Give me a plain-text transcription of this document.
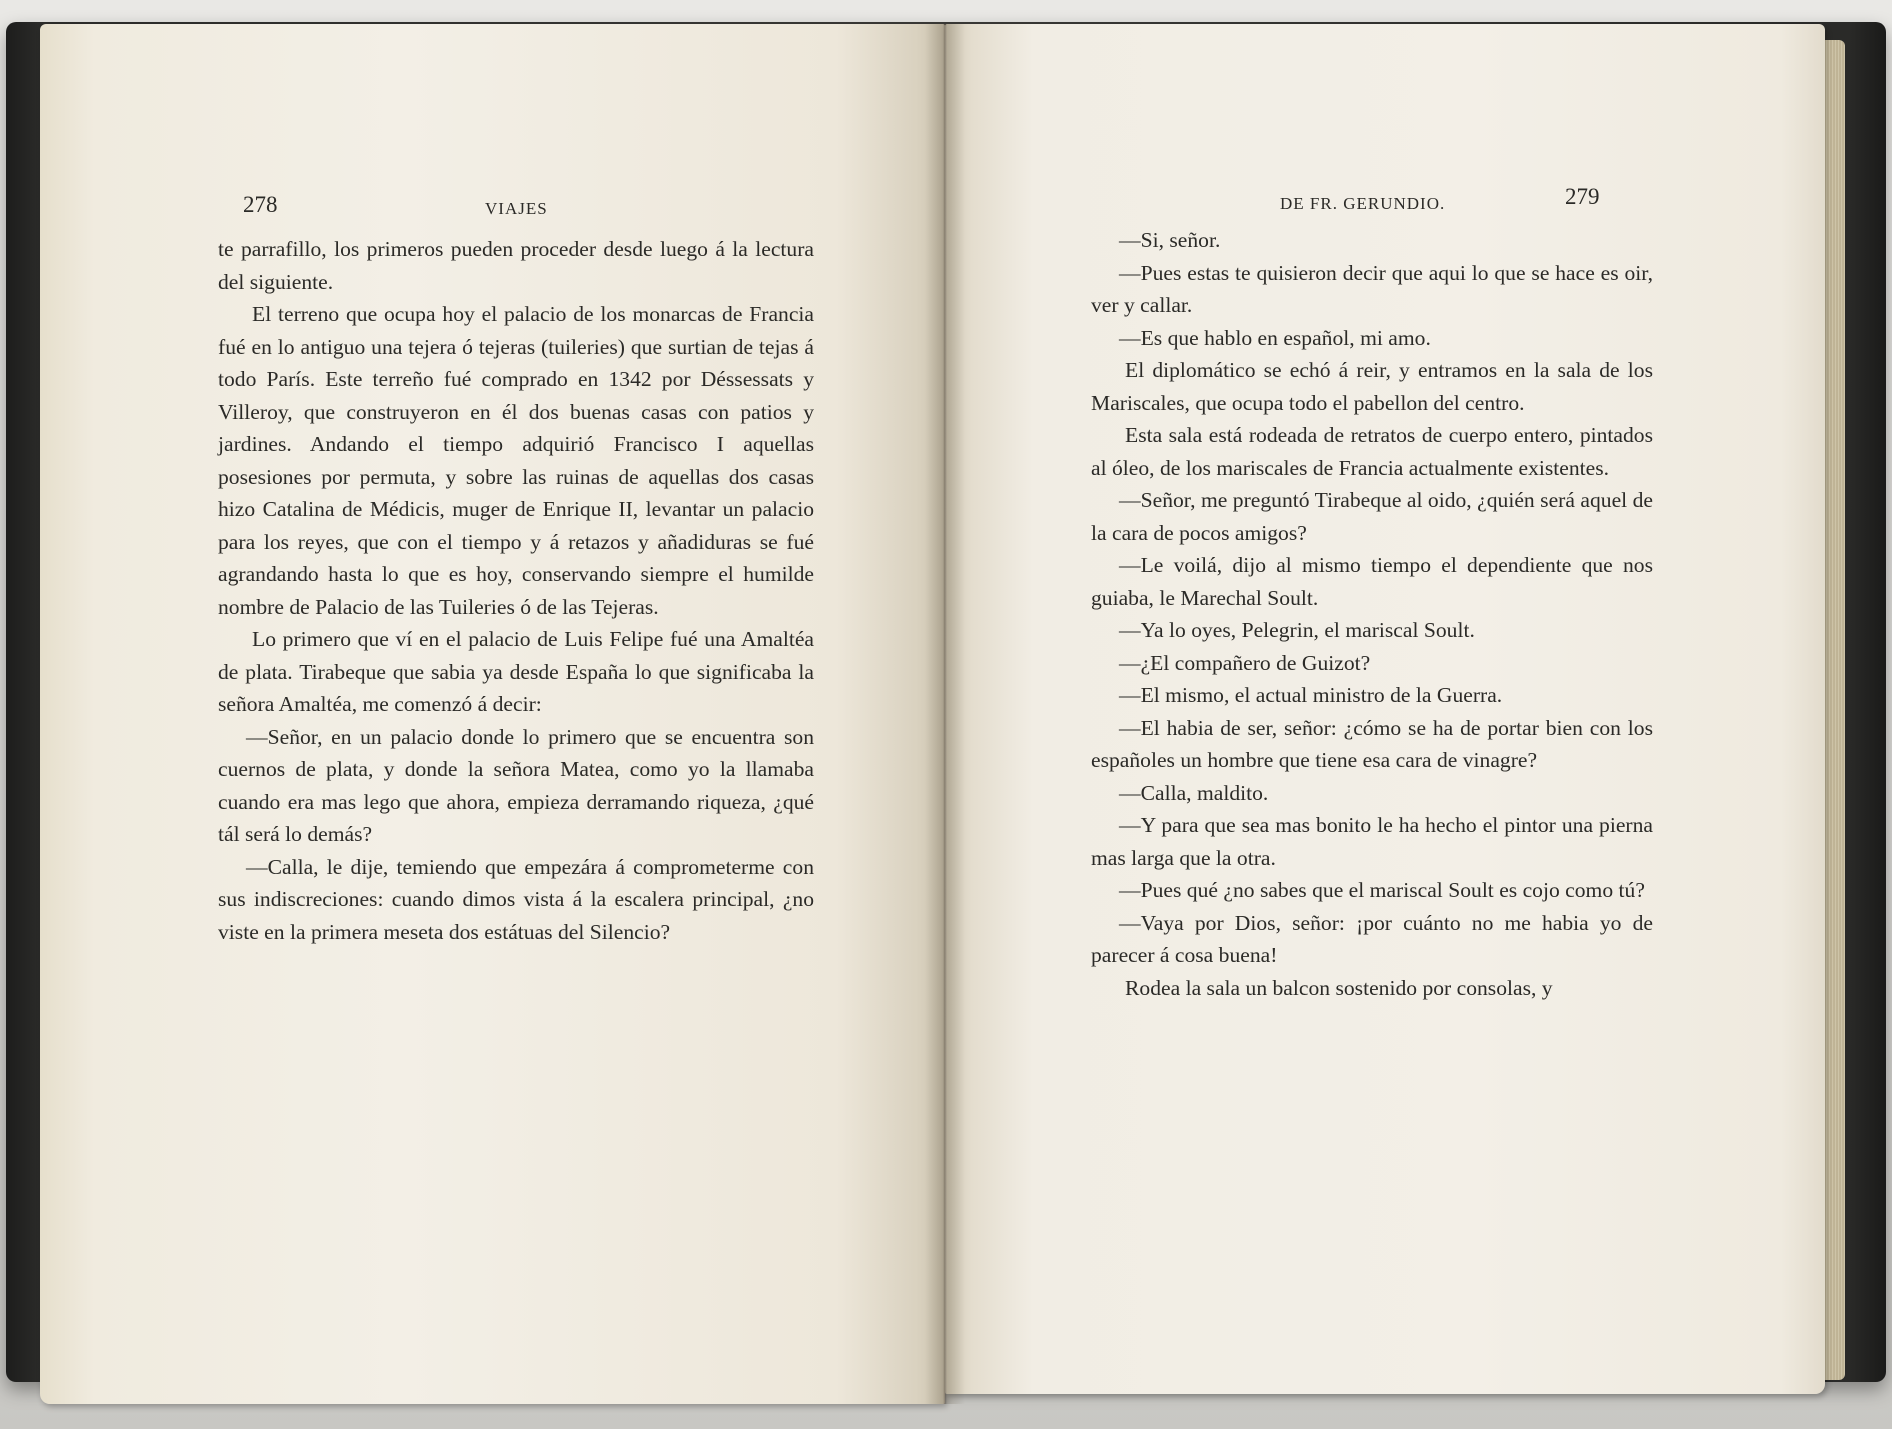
278	VIAJES

te parrafillo, los primeros pueden proceder desde luego á la lectura del siguiente.

El terreno que ocupa hoy el palacio de los monarcas de Francia fué en lo antiguo una tejera ó tejeras (tuileries) que surtian de tejas á todo París. Este terreño fué comprado en 1342 por Déssessats y Villeroy, que construyeron en él dos buenas casas con patios y jardines. Andando el tiempo adquirió Francisco I aquellas posesiones por permuta, y sobre las ruinas de aquellas dos casas hizo Catalina de Médicis, muger de Enrique II, levantar un palacio para los reyes, que con el tiempo y á retazos y añadiduras se fué agrandando hasta lo que es hoy, conservando siempre el humilde nombre de Palacio de las Tuileries ó de las Tejeras.

Lo primero que ví en el palacio de Luis Felipe fué una Amaltéa de plata. Tirabeque que sabia ya desde España lo que significaba la señora Amaltéa, me comenzó á decir:

—Señor, en un palacio donde lo primero que se encuentra son cuernos de plata, y donde la señora Matea, como yo la llamaba cuando era mas lego que ahora, empieza derramando riqueza, ¿qué tál será lo demás?

—Calla, le dije, temiendo que empezára á comprometerme con sus indiscreciones: cuando dimos vista á la escalera principal, ¿no viste en la primera meseta dos estátuas del Silencio?

DE FR. GERUNDIO.	279

—Si, señor.

—Pues estas te quisieron decir que aqui lo que se hace es oir, ver y callar.

—Es que hablo en español, mi amo.

El diplomático se echó á reir, y entramos en la sala de los Mariscales, que ocupa todo el pabellon del centro.

Esta sala está rodeada de retratos de cuerpo entero, pintados al óleo, de los mariscales de Francia actualmente existentes.

—Señor, me preguntó Tirabeque al oido, ¿quién será aquel de la cara de pocos amigos?

—Le voilá, dijo al mismo tiempo el dependiente que nos guiaba, le Marechal Soult.

—Ya lo oyes, Pelegrin, el mariscal Soult.

—¿El compañero de Guizot?

—El mismo, el actual ministro de la Guerra.

—El habia de ser, señor: ¿cómo se ha de portar bien con los españoles un hombre que tiene esa cara de vinagre?

—Calla, maldito.

—Y para que sea mas bonito le ha hecho el pintor una pierna mas larga que la otra.

—Pues qué ¿no sabes que el mariscal Soult es cojo como tú?

—Vaya por Dios, señor: ¡por cuánto no me habia yo de parecer á cosa buena!

Rodea la sala un balcon sostenido por consolas, y
